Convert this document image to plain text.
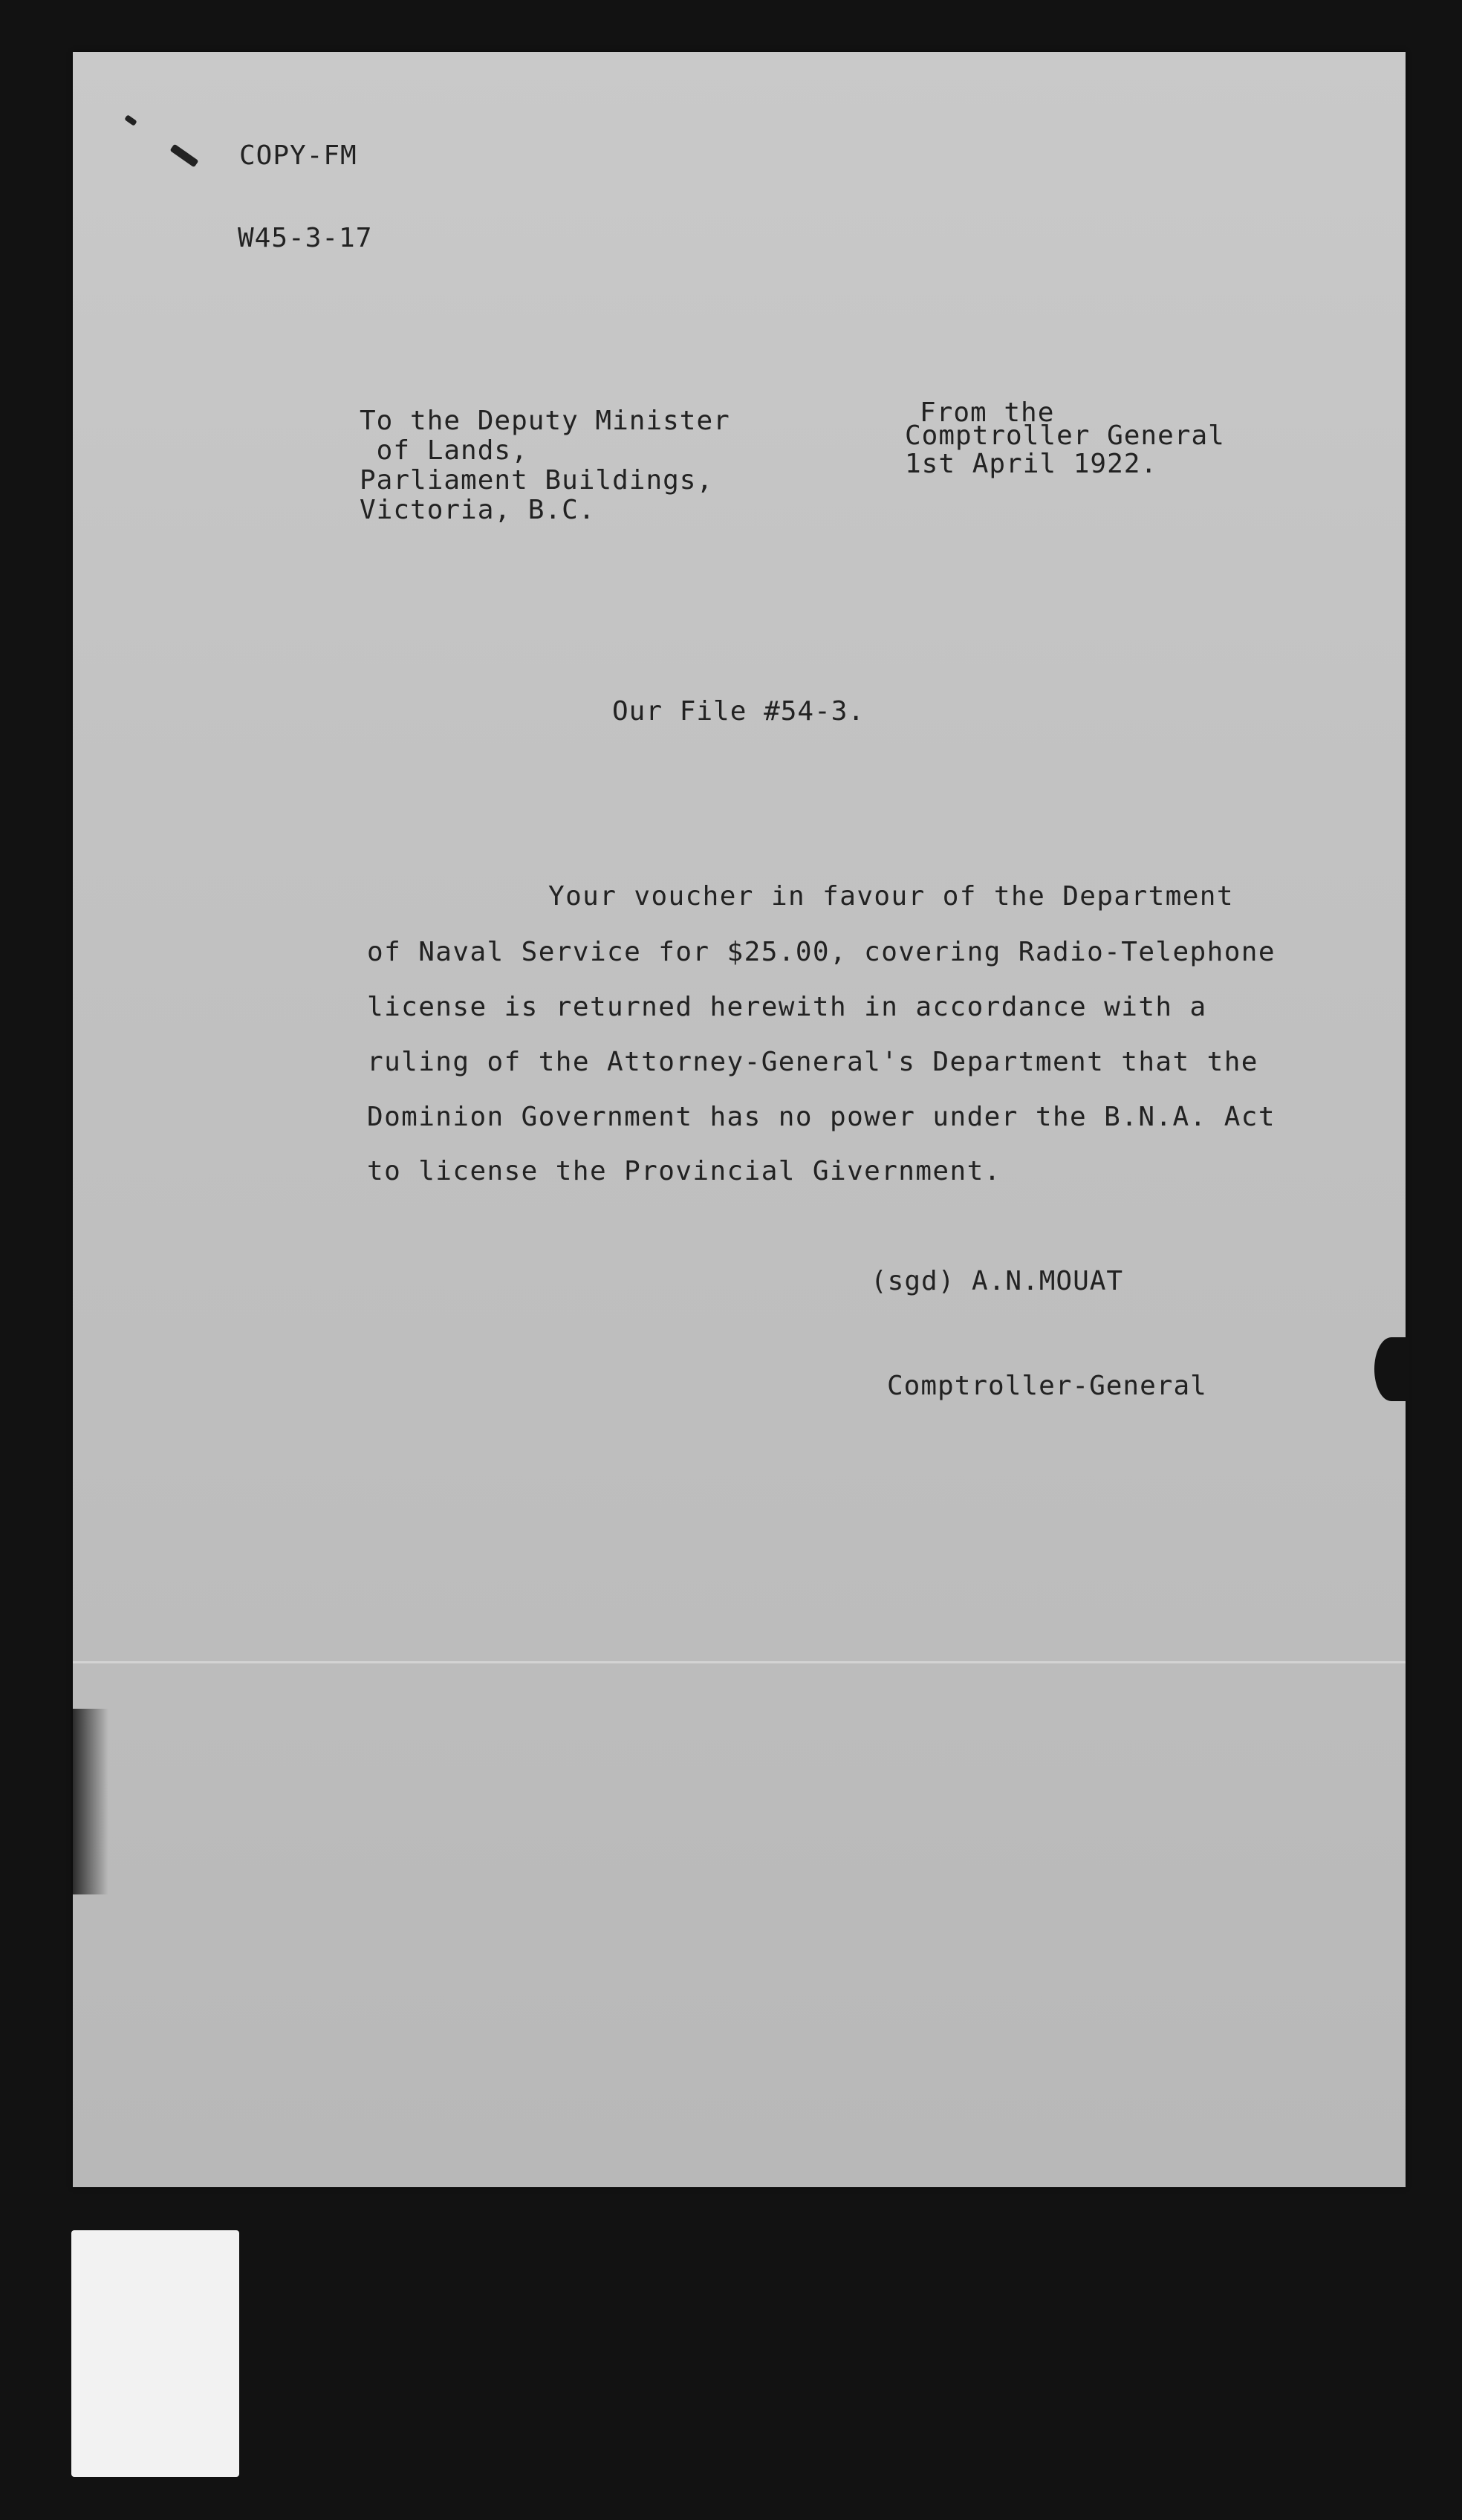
COPY-FM
W45-3-17
To the Deputy Minister
of Lands,
Parliament Buildings,
Victoria, B.C.
From the
Comptroller General
1st April 1922.
Our File #54-3.
Your voucher in favour of the Department
of Naval Service for $25.00, covering Radio-Telephone
license is returned herewith in accordance with a
ruling of the Attorney-General's Department that the
Dominion Government has no power under the B.N.A. Act
to license the Provincial Givernment.
(sgd) A.N.MOUAT
Comptroller-General
